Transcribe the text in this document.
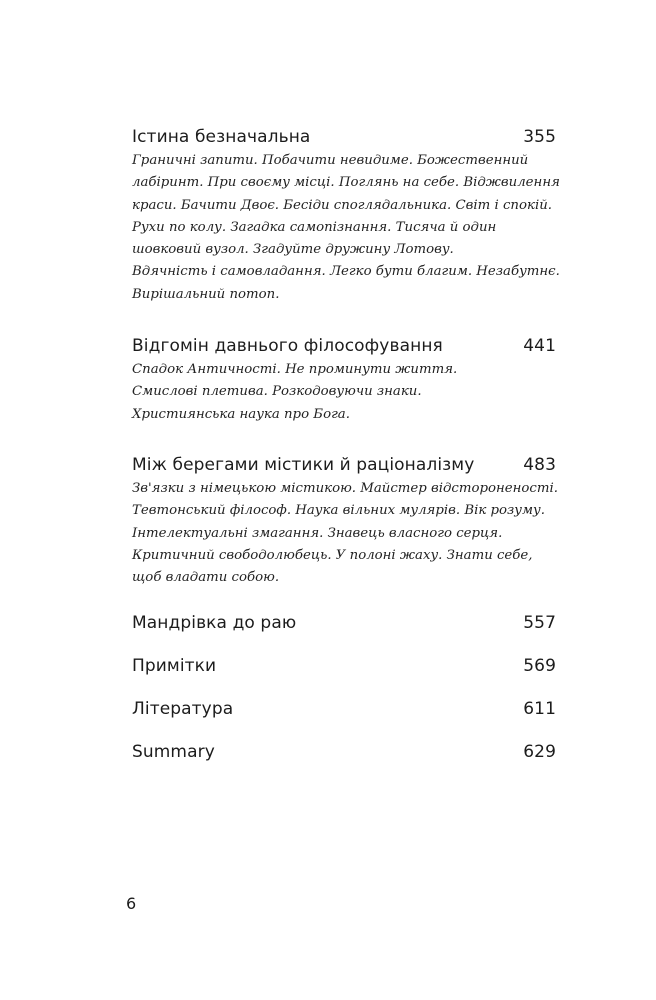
Істина безначальна	355

Граничні запити. Побачити невидиме. Божественний
лабіринт. При своєму місці. Поглянь на себе. Віджвилення
краси. Бачити Двоє. Бесіди споглядальника. Світ і спокій.
Рухи по колу. Загадка самопізнання. Тисяча й один
шовковий вузол. Згадуйте дружину Лотову.
Вдячність і самовладання. Легко бути благим. Незабутнє.
Вирішальний потоп.

Відгомін давнього філософування	441

Спадок Античності. Не проминути життя.
Смислові плетива. Розкодовуючи знаки.
Християнська наука про Бога.

Між берегами містики й раціоналізму	483

Зв'язки з німецькою містикою. Майстер відстороненості.
Тевтонський філософ. Наука вільних мулярів. Вік розуму.
Інтелектуальні змагання. Знавець власного серця.
Критичний свободолюбець. У полоні жаху. Знати себе,
щоб владати собою.

Мандрівка до раю	557
Примітки	569
Література	611
Summary	629
6
